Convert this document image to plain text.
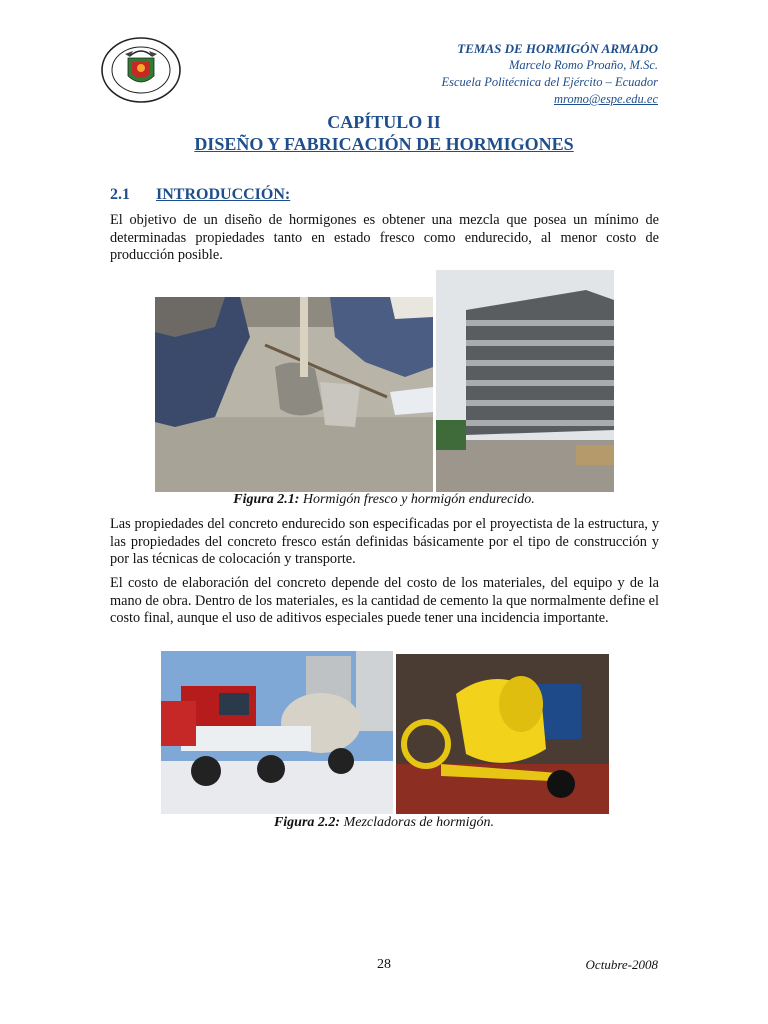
TEMAS DE HORMIGÓN ARMADO
Marcelo Romo Proaño, M.Sc.
Escuela Politécnica del Ejército – Ecuador
mromo@espe.edu.ec
CAPÍTULO II
DISEÑO Y FABRICACIÓN DE HORMIGONES
2.1 INTRODUCCIÓN:

El objetivo de un diseño de hormigones es obtener una mezcla que posea un mínimo de determinadas propiedades tanto en estado fresco como endurecido, al menor costo de producción posible.

Figura 2.1: Hormigón fresco y hormigón endurecido.

Las propiedades del concreto endurecido son especificadas por el proyectista de la estructura, y las propiedades del concreto fresco están definidas básicamente por el tipo de construcción y por las técnicas de colocación y transporte.

El costo de elaboración del concreto depende del costo de los materiales, del equipo y de la mano de obra. Dentro de los materiales, es la cantidad de cemento la que normalmente define el costo final, aunque el uso de aditivos especiales puede tener una incidencia importante.

Figura 2.2: Mezcladoras de hormigón.
28	Octubre-2008
